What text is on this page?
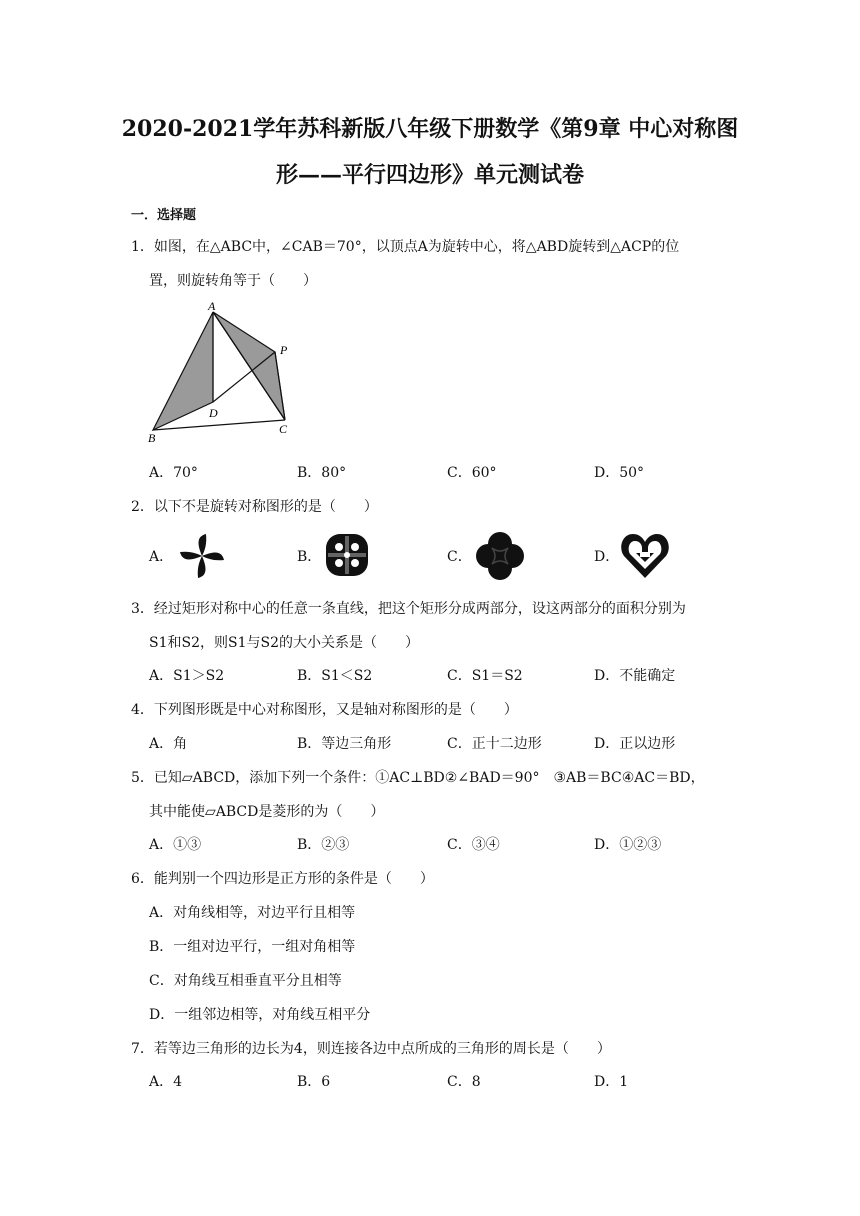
2020-2021学年苏科新版八年级下册数学《第9章 中心对称图
形——平行四边形》单元测试卷
一．选择题
1．如图，在△ABC中，∠CAB＝70°，以顶点A为旋转中心，将△ABD旋转到△ACP的位
置，则旋转角等于（　　）
A
P
D
B
C
A．70°	B．80°	C．60°	D．50°
2．以下不是旋转对称图形的是（　　）
A．	B．	C．	D．
3．经过矩形对称中心的任意一条直线，把这个矩形分成两部分，设这两部分的面积分别为
S1和S2，则S1与S2的大小关系是（　　）
A．S1＞S2	B．S1＜S2	C．S1＝S2	D．不能确定
4．下列图形既是中心对称图形，又是轴对称图形的是（　　）
A．角	B．等边三角形	C．正十二边形	D．正以边形
5．已知▱ABCD，添加下列一个条件：①AC⊥BD②∠BAD＝90°　③AB＝BC④AC＝BD，
其中能使▱ABCD是菱形的为（　　）
A．①③	B．②③	C．③④	D．①②③
6．能判别一个四边形是正方形的条件是（　　）
A．对角线相等，对边平行且相等
B．一组对边平行，一组对角相等
C．对角线互相垂直平分且相等
D．一组邻边相等，对角线互相平分
7．若等边三角形的边长为4，则连接各边中点所成的三角形的周长是（　　）
A．4	B．6	C．8	D．1
